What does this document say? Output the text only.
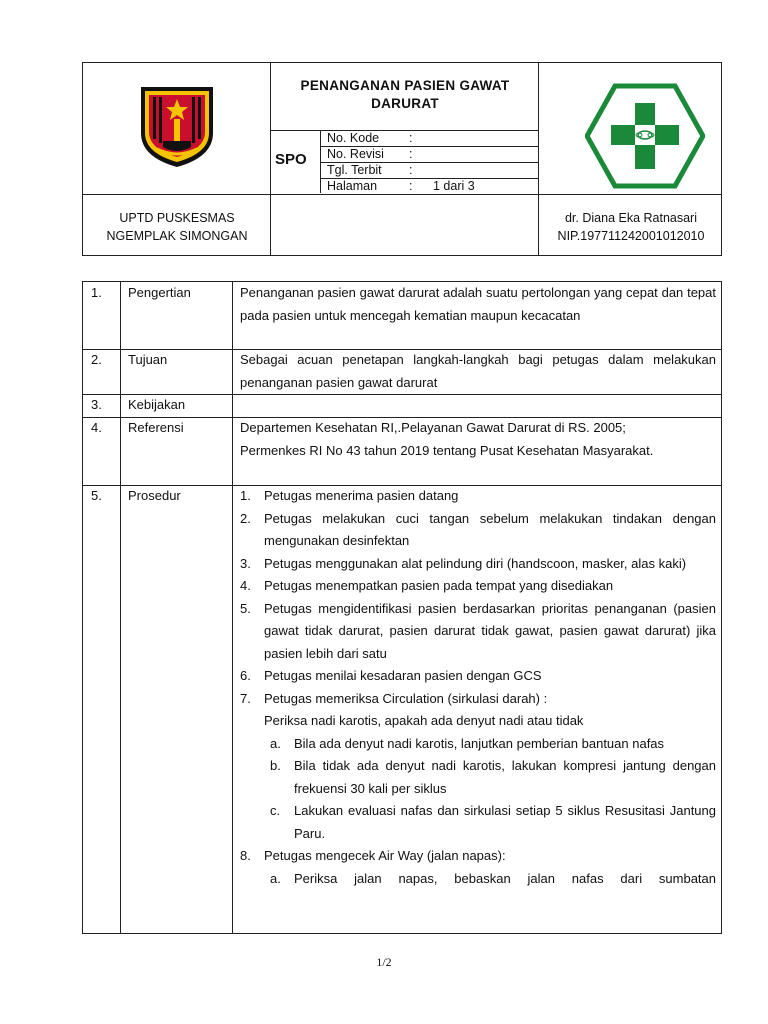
PENANGANAN PASIEN GAWAT DARURAT
SPO
No. Kode :
No. Revisi :
Tgl. Terbit :
Halaman	: 1 dari 3
UPTD PUSKESMAS
NGEMPLAK SIMONGAN
dr. Diana Eka Ratnasari
NIP.197711242001012010
1. Pengertian	Penanganan pasien gawat darurat adalah suatu pertolongan yang cepat dan tepat pada pasien untuk mencegah kematian maupun kecacatan
2. Tujuan	Sebagai acuan penetapan langkah-langkah bagi petugas dalam melakukan penanganan pasien gawat darurat
3. Kebijakan
4. Referensi	Departemen Kesehatan RI,.Pelayanan Gawat Darurat di RS. 2005;
Permenkes RI No 43 tahun 2019 tentang Pusat Kesehatan Masyarakat.
5. Prosedur	1. Petugas menerima pasien datang
2. Petugas melakukan cuci tangan sebelum melakukan tindakan dengan mengunakan desinfektan
3. Petugas menggunakan alat pelindung diri (handscoon, masker, alas kaki)
4. Petugas menempatkan pasien pada tempat yang disediakan
5. Petugas mengidentifikasi pasien berdasarkan prioritas penanganan (pasien gawat tidak darurat, pasien darurat tidak gawat, pasien gawat darurat) jika pasien lebih dari satu
6. Petugas menilai kesadaran pasien dengan GCS
7. Petugas memeriksa Circulation (sirkulasi darah) :
Periksa nadi karotis, apakah ada denyut nadi atau tidak
a. Bila ada denyut nadi karotis, lanjutkan pemberian bantuan nafas
b. Bila tidak ada denyut nadi karotis, lakukan kompresi jantung dengan frekuensi 30 kali per siklus
c. Lakukan evaluasi nafas dan sirkulasi setiap 5 siklus Resusitasi Jantung Paru.
8. Petugas mengecek Air Way (jalan napas):
a. Periksa jalan napas, bebaskan jalan nafas dari sumbatan
1/2
